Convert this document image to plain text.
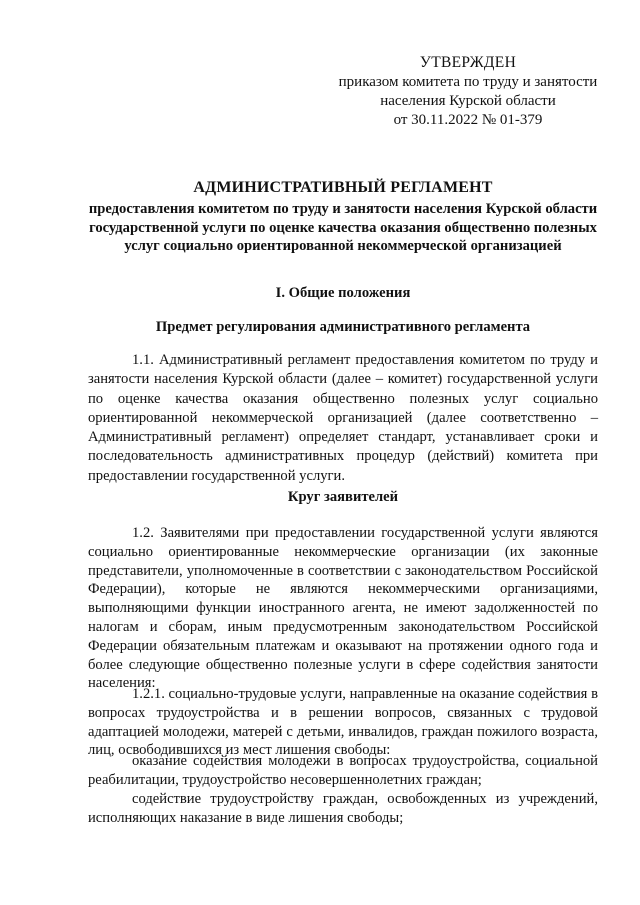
УТВЕРЖДЕН
приказом комитета по труду и занятости
населения Курской области
от 30.11.2022 № 01-379
АДМИНИСТРАТИВНЫЙ РЕГЛАМЕНТ
предоставления комитетом по труду и занятости населения Курской области государственной услуги по оценке качества оказания общественно полезных услуг социально ориентированной некоммерческой организацией
I. Общие положения
Предмет регулирования административного регламента

1.1. Административный регламент предоставления комитетом по труду и занятости населения Курской области (далее – комитет) государственной услуги по оценке качества оказания общественно полезных услуг социально ориентированной некоммерческой организацией (далее соответственно – Административный регламент) определяет стандарт, устанавливает сроки и последовательность административных процедур (действий) комитета при предоставлении государственной услуги.

Круг заявителей

1.2. Заявителями при предоставлении государственной услуги являются социально ориентированные некоммерческие организации (их законные представители, уполномоченные в соответствии с законодательством Российской Федерации), которые не являются некоммерческими организациями, выполняющими функции иностранного агента, не имеют задолженностей по налогам и сборам, иным предусмотренным законодательством Российской Федерации обязательным платежам и оказывают на протяжении одного года и более следующие общественно полезные услуги в сфере содействия занятости населения:

1.2.1. социально-трудовые услуги, направленные на оказание содействия в вопросах трудоустройства и в решении вопросов, связанных с трудовой адаптацией молодежи, матерей с детьми, инвалидов, граждан пожилого возраста, лиц, освободившихся из мест лишения свободы:

оказание содействия молодежи в вопросах трудоустройства, социальной реабилитации, трудоустройство несовершеннолетних граждан;

содействие трудоустройству граждан, освобожденных из учреждений, исполняющих наказание в виде лишения свободы;
